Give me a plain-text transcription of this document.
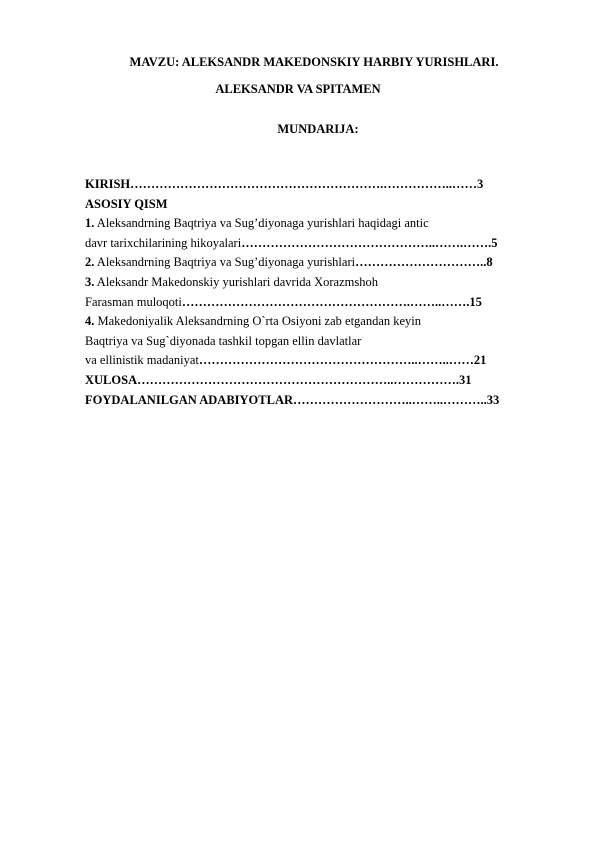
MAVZU: ALEKSANDR MAKEDONSKIY HARBIY YURISHLARI.
ALEKSANDR VA SPITAMEN
MUNDARIJA:
KIRISH…………………………………………………….……………..……3
ASOSIY QISM
1. Aleksandrning Baqtriya va Sug’diyonaga yurishlari haqidagi antic
davr tarixchilarining hikoyalari………………………………………..…….…….5
2. Aleksandrning Baqtriya va Sug’diyonaga yurishlari…………………………..8
3. Aleksandr Makedonskiy yurishlari davrida Xorazmshoh
Farasman muloqoti……………………………………………….……..…….15
4. Makedoniyalik Aleksandrning O`rta Osiyoni zab etgandan keyin
Baqtriya va Sug`diyonada tashkil topgan ellin davlatlar
va ellinistik madaniyat……………………………………………..……..……21
XULOSA……………………………………………………..…………….31
FOYDALANILGAN ADABIYOTLAR………………………..……..………..33
